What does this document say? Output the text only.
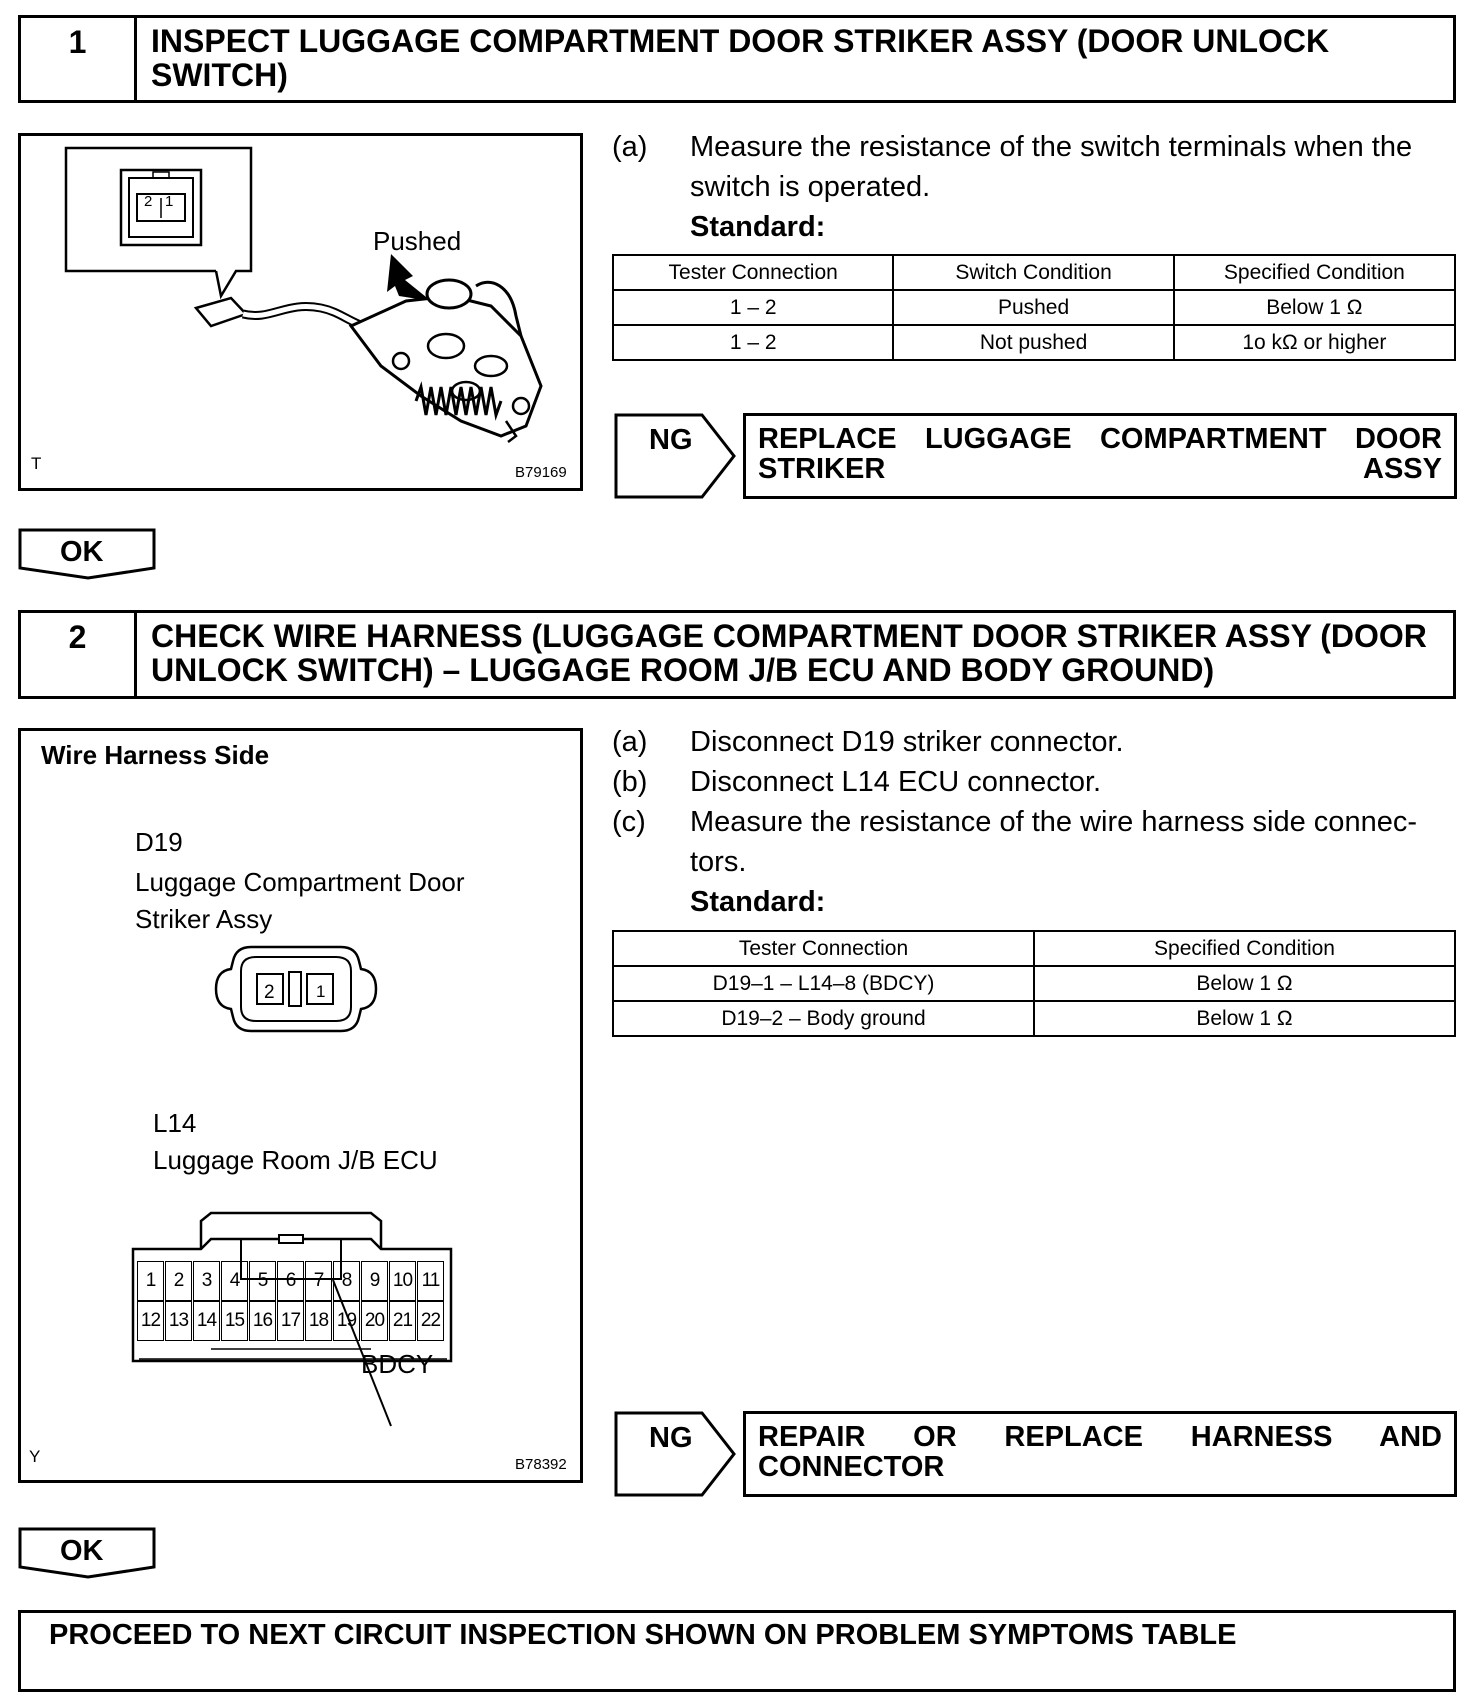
1	INSPECT LUGGAGE COMPARTMENT DOOR STRIKER ASSY (DOOR UNLOCK SWITCH)
Pushed
T	B79169
2 1
(a)	Measure the resistance of the switch terminals when the switch is operated.
Standard:
Tester Connection	Switch Condition	Specified Condition
1 – 2	Pushed	Below 1 Ω
1 – 2	Not pushed	1o kΩ or higher
NG	REPLACE LUGGAGE COMPARTMENT DOOR STRIKER ASSY
OK
2	CHECK WIRE HARNESS (LUGGAGE COMPARTMENT DOOR STRIKER ASSY (DOOR UNLOCK SWITCH) – LUGGAGE ROOM J/B ECU AND BODY GROUND)
Wire Harness Side
D19
Luggage Compartment Door Striker Assy
2 1
L14
Luggage Room J/B ECU
1 2 3 4 5 6 7 8 9 10 11
12 13 14 15 16 17 18 19 20 21 22
BDCY
Y	B78392
(a)	Disconnect D19 striker connector.
(b)	Disconnect L14 ECU connector.
(c)	Measure the resistance of the wire harness side connec-tors.
Standard:
Tester Connection	Specified Condition
D19–1 – L14–8 (BDCY)	Below 1 Ω
D19–2 – Body ground	Below 1 Ω
NG	REPAIR OR REPLACE HARNESS AND CONNECTOR
OK
PROCEED TO NEXT CIRCUIT INSPECTION SHOWN ON PROBLEM SYMPTOMS TABLE
